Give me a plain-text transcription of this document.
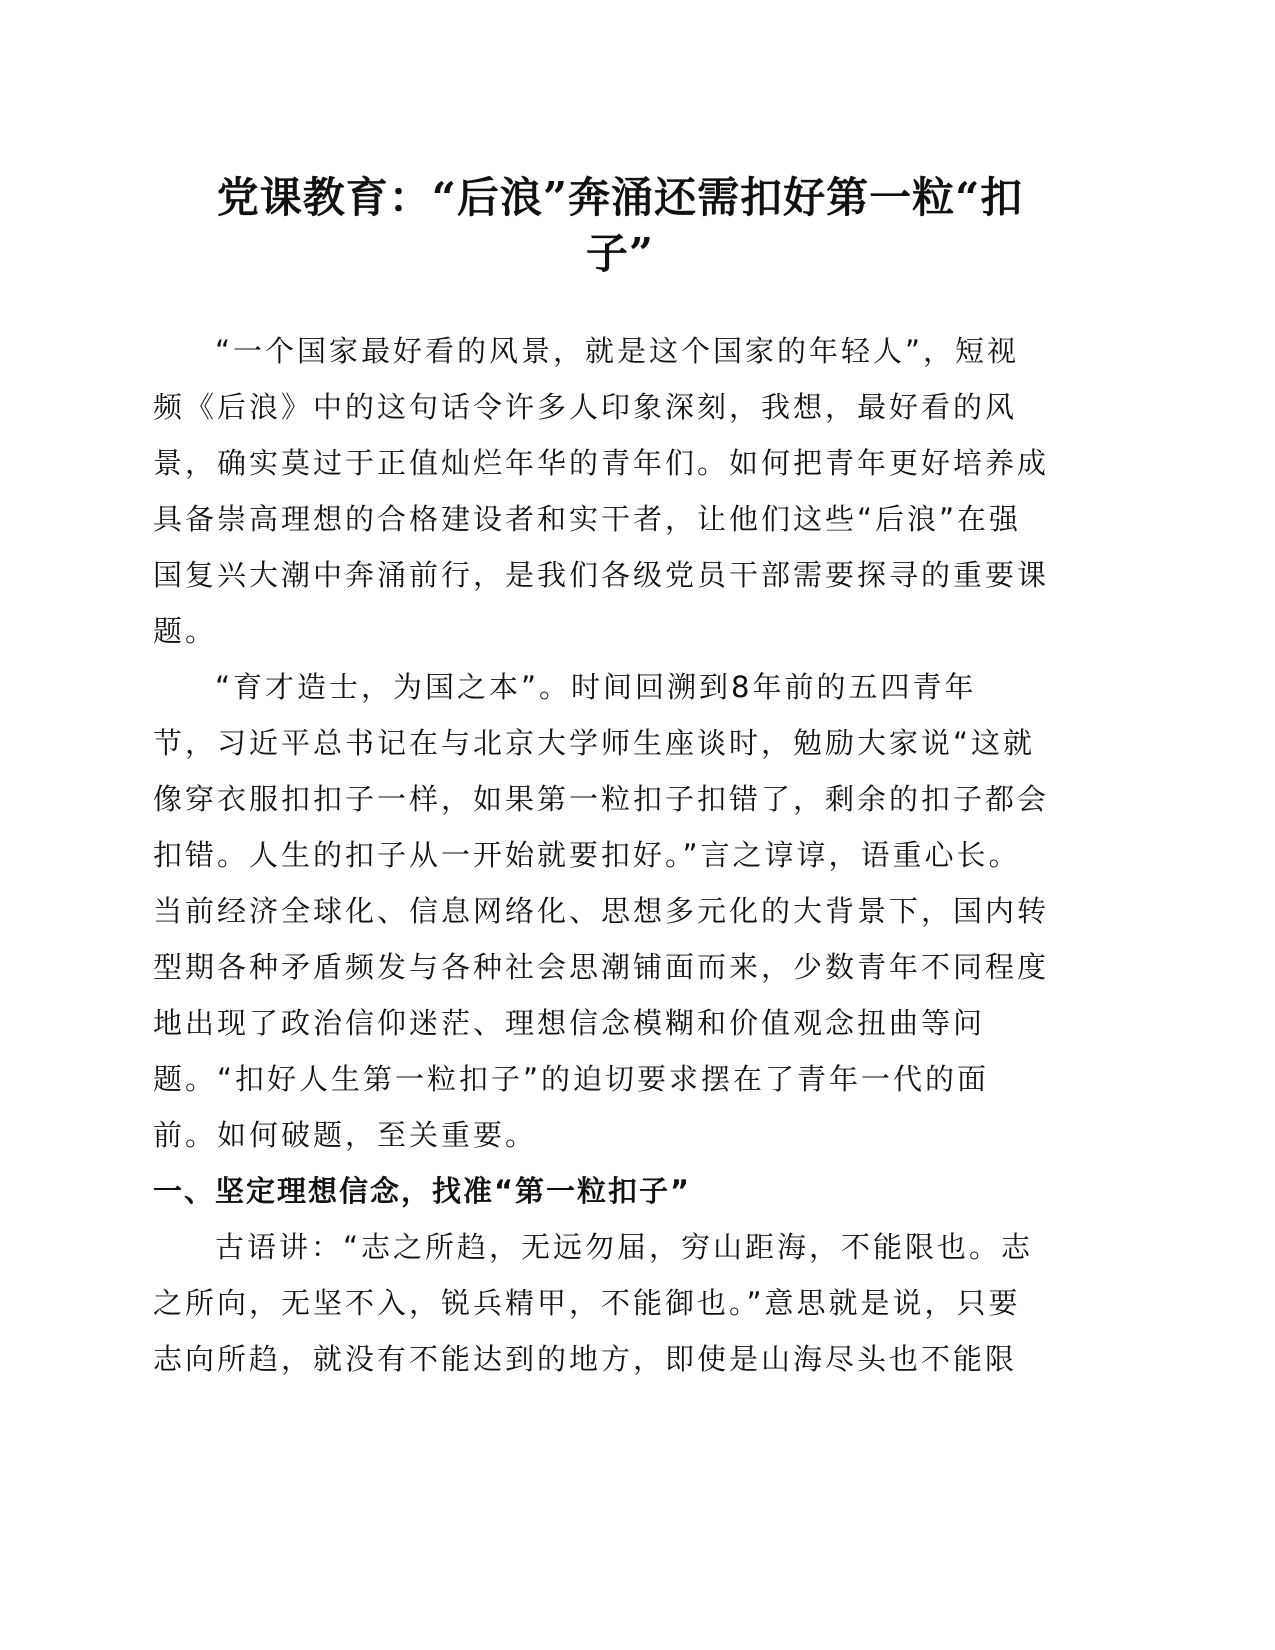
党课教育：“后浪”奔涌还需扣好第一粒“扣
子”

“一个国家最好看的风景，就是这个国家的年轻人”，短视
频《后浪》中的这句话令许多人印象深刻，我想，最好看的风
景，确实莫过于正值灿烂年华的青年们。如何把青年更好培养成
具备崇高理想的合格建设者和实干者，让他们这些“后浪”在强
国复兴大潮中奔涌前行，是我们各级党员干部需要探寻的重要课
题。

“育才造士，为国之本”。时间回溯到8年前的五四青年
节，习近平总书记在与北京大学师生座谈时，勉励大家说“这就
像穿衣服扣扣子一样，如果第一粒扣子扣错了，剩余的扣子都会
扣错。人生的扣子从一开始就要扣好。”言之谆谆，语重心长。
当前经济全球化、信息网络化、思想多元化的大背景下，国内转
型期各种矛盾频发与各种社会思潮铺面而来，少数青年不同程度
地出现了政治信仰迷茫、理想信念模糊和价值观念扭曲等问
题。“扣好人生第一粒扣子”的迫切要求摆在了青年一代的面
前。如何破题，至关重要。

一、坚定理想信念，找准“第一粒扣子”

古语讲：“志之所趋，无远勿届，穷山距海，不能限也。志
之所向，无坚不入，锐兵精甲，不能御也。”意思就是说，只要
志向所趋，就没有不能达到的地方，即使是山海尽头也不能限
